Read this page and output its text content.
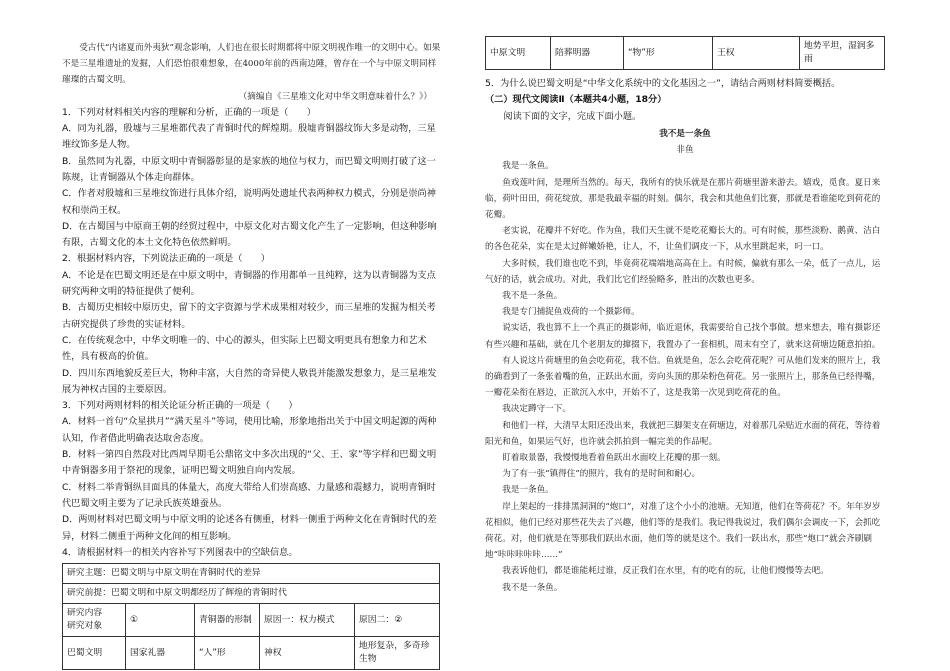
受古代“内诸夏而外夷狄”观念影响，人们也在很长时期都将中原文明视作唯一的文明中心。如果不是三星堆遗址的发掘，人们恐怕很难想象，在4000年前的西南边陲，曾存在一个与中原文明同样璀璨的古蜀文明。

（摘编自《三星堆文化对中华文明意味着什么？》）

1．下列对材料相关内容的理解和分析，正确的一项是（　　）

A．同为礼器，殷墟与三星堆都代表了青铜时代的辉煌期。殷墟青铜器纹饰大多是动物，三星堆纹饰多是人物。

B．虽然同为礼器，中原文明中青铜器彰显的是家族的地位与权力，而巴蜀文明则打破了这一陈规，让青铜器从个体走向群体。

C．作者对殷墟和三星堆纹饰进行具体介绍，说明两处遗址代表两种权力模式，分别是崇尚神权和崇尚王权。

D．在古蜀国与中原商王朝的经贸过程中，中原文化对古蜀文化产生了一定影响，但这种影响有限，古蜀文化的本土文化特色依然鲜明。

2．根据材料内容，下列说法正确的一项是（　　）

A．不论是在巴蜀文明还是在中原文明中，青铜器的作用都单一且纯粹，这为以青铜器为支点研究两种文明的特征提供了便利。

B．古蜀历史相较中原历史，留下的文字资源与学术成果相对较少，而三星堆的发掘为相关考古研究提供了珍贵的实证材料。

C．在传统观念中，中华文明唯一的、中心的源头，但实际上巴蜀文明更具有想象力和艺术性，具有极高的价值。

D．四川东西地貌反差巨大，物种丰富，大自然的奇异使人敬畏并能激发想象力，是三星堆发展为神权古国的主要原因。

3．下列对两则材料的相关论证分析正确的一项是（　　）

A．材料一首句“众星拱月”“满天星斗”等词，使用比喻，形象地指出关于中国文明起源的两种认知，作者借此明确表达取舍态度。

B．材料一第四自然段对比西周早期毛公鼎铭文中多次出现的“父、王、家”等字样和巴蜀文明中青铜器多用于祭祀的现象，证明巴蜀文明独自向内发展。

C．材料二举青铜纵目面具的体量大，高度大带给人们崇高感、力量感和震撼力，说明青铜时代巴蜀文明主要为了记录氏族英雄蚕丛。

D．两则材料对巴蜀文明与中原文明的论述各有侧重，材料一侧重于两种文化在青铜时代的差异，材料二侧重于两种文化间的相互影响。

4．请根据材料一的相关内容补写下列图表中的空缺信息。

研究主题：巴蜀文明与中原文明在青铜时代的差异				
研究前提：巴蜀文明和中原文明都经历了辉煌的青铜时代				
研究内容
研究对象	①	青铜器的形制	原因一：权力模式	原因二：②
巴蜀文明	国家礼器	“人”形	神权	地形复杂，多奇珍生物
中原文明	陪葬明器	“物”形	王权	地势平坦，湿润多雨

5．为什么说巴蜀文明是“中华文化系统中的文化基因之一”，请结合两则材料简要概括。

（二）现代文阅读Ⅱ（本题共4小题，18分）

阅读下面的文字，完成下面小题。

我不是一条鱼

非鱼

我是一条鱼。

鱼戏莲叶间，是理所当然的。每天，我所有的快乐就是在那片荷塘里游来游去。嬉戏，觅食。夏日来临，荷叶田田，荷花绽放，那是我最幸福的时刻。偶尔，我会和其他鱼们比赛，那就是看谁能吃到荷花的花瓣。

老实说，花瓣并不好吃。作为鱼，我们天生就不是吃花瓣长大的。可有时候，那些淡粉、鹅黄、洁白的各色花朵，实在是太过鲜嫩娇艳，让人，不，让鱼们调皮一下，从水里跳起来，叼一口。

大多时候，我们谁也吃不到，毕竟荷花端端地高高在上。有时候，偏就有那么一朵，低了一点儿，运气好的话，就会成功。对此，我们比它们经验略多，胜出的次数也更多。

我不是一条鱼。

我是专门捕捉鱼戏荷的一个摄影师。

说实话，我也算不上一个真正的摄影师，临近退休，我需要给自己找个事做。想来想去，唯有摄影还有些兴趣和基础，就在几个老朋友的撺掇下，我置办了一套相机，周末有空了，就来这荷塘边随意拍拍。

有人说这片荷塘里的鱼会吃荷花，我不信。鱼就是鱼，怎么会吃荷花呢？可从他们发来的照片上，我的确看到了一条张着嘴的鱼，正跃出水面，旁向头顶的那朵粉色荷花。另一张照片上，那条鱼已经得嘴，一瓣花朵衔在唇边，正欲沉入水中，开始不了，这是我第一次见到吃荷花的鱼。

我决定蹲守一下。

和他们一样，大清早太阳还没出来，我就把三脚架支在荷塘边，对着那几朵贴近水面的荷花，等待着阳光和鱼，如果运气好，也许就会抓拍到一幅完美的作品呢。

盯着取景器，我慢慢地看着鱼跃出水面咬上花瓣的那一刻。

为了有一张“镇得住”的照片，我有的是时间和耐心。

我是一条鱼。

岸上架起的一排排黑洞洞的“炮口”，对准了这个小小的池塘。无知道，他们在等荷花？不。年年岁岁花相似，他们已经对那些花失去了兴趣，他们等的是我们。我记得我说过，我们偶尔会调皮一下，会抓吃荷花。对，他们就是在等那我们跃出水面，他们等的就是这个。我们一跃出水，那些“炮口”就会齐刷刷地“咔咔咔咔咔……”

我表诉他们，都是谁能耗过谁，反正我们在水里，有的吃有的玩，让他们慢慢等去吧。

我不是一条鱼。
